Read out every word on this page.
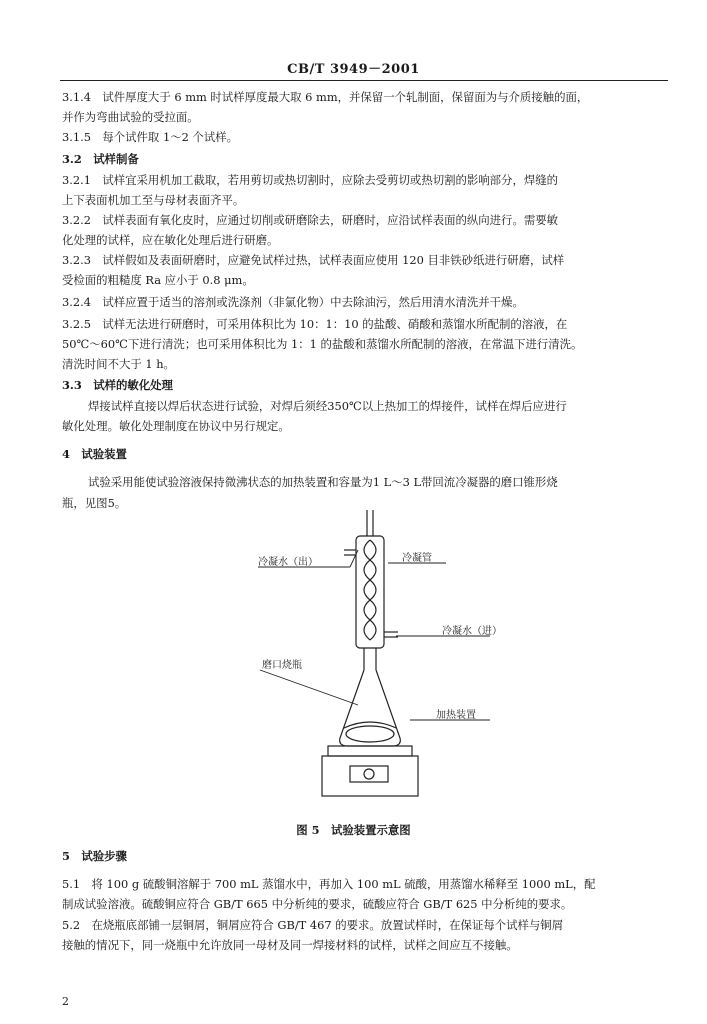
CB/T 3949－2001
3.1.4　试件厚度大于 6 mm 时试样厚度最大取 6 mm，并保留一个轧制面，保留面为与介质接触的面，
并作为弯曲试验的受拉面。
3.1.5　每个试件取 1～2 个试样。
3.2　试样制备
3.2.1　试样宜采用机加工截取，若用剪切或热切割时，应除去受剪切或热切割的影响部分，焊缝的
上下表面机加工至与母材表面齐平。
3.2.2　试样表面有氧化皮时，应通过切削或研磨除去，研磨时，应沿试样表面的纵向进行。需要敏
化处理的试样，应在敏化处理后进行研磨。
3.2.3　试样假如及表面研磨时，应避免试样过热，试样表面应使用 120 目非铁砂纸进行研磨，试样
受检面的粗糙度 Ra 应小于 0.8 μm。
3.2.4　试样应置于适当的溶剂或洗涤剂（非氯化物）中去除油污，然后用清水清洗并干燥。
3.2.5　试样无法进行研磨时，可采用体积比为 10：1：10 的盐酸、硝酸和蒸馏水所配制的溶液，在
50℃～60℃下进行清洗；也可采用体积比为 1：1 的盐酸和蒸馏水所配制的溶液，在常温下进行清洗。
清洗时间不大于 1 h。
3.3　试样的敏化处理
焊接试样直接以焊后状态进行试验，对焊后须经350℃以上热加工的焊接件，试样在焊后应进行
敏化处理。敏化处理制度在协议中另行规定。
4　试验装置
试验采用能使试验溶液保持微沸状态的加热装置和容量为1 L～3 L带回流冷凝器的磨口锥形烧
瓶，见图5。
冷凝水（出）	冷凝管
冷凝水（进）
磨口烧瓶
加热装置
图 5　试验装置示意图
5　试验步骤
5.1　将 100 g 硫酸铜溶解于 700 mL 蒸馏水中，再加入 100 mL 硫酸，用蒸馏水稀释至 1000 mL，配
制成试验溶液。硫酸铜应符合 GB/T 665 中分析纯的要求，硫酸应符合 GB/T 625 中分析纯的要求。
5.2　在烧瓶底部铺一层铜屑，铜屑应符合 GB/T 467 的要求。放置试样时，在保证每个试样与铜屑
接触的情况下，同一烧瓶中允许放同一母材及同一焊接材料的试样，试样之间应互不接触。
2
